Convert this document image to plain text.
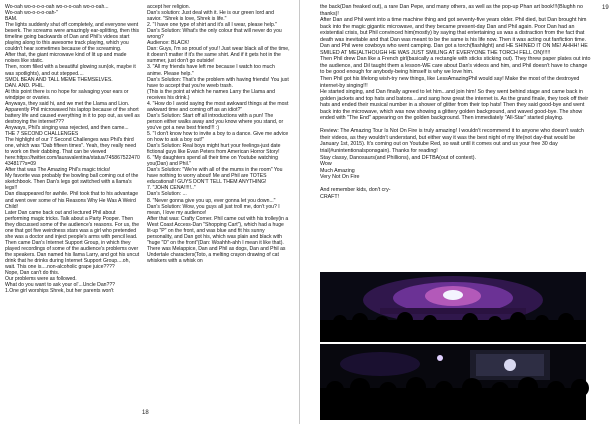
Wo-oah wo-o-o-o-oah wo-o-o-oah wo-o-oah...
Wo-oah wo-o-o-o-oah-"
BAM.
The lights suddenly shut off completely, and everyone went beserk. The screams were amazingly ear-splitting, then this timeline going backwards of Dan and Phil's videos start playing along to this awesome track playing, which you couldn't hear sometimes because of the screaming.
After that, the giant microwave kind of lit up and made noises like static.
Then, room filled with a beautiful glowing sun(ok, maybe it was spotlights), and out stepped....
SMOL BEAN AND TALL MEME THEMSELVES.
DAN. AND. PHIL.
At this point there is no hope for salvaging your ears or windpipe or ovaries.
Anyways, they said hi, and we met the Llama and Lion. Apparently Phil microwaved his laptop because of the short battery life and caused everything in it to pop out, as well as destroying the internet???
Anyways, Phil's singing was rejected, and then came...
THE 7 SECOND CHALLENGES
The highlight of our 7 Second Challenges was Phil's third one, which was "Dab fifteen times". Yeah, they really need to work on their dabbing. That can be viewed here:https://twitter.com/lauravalentina/status/745867522470434817?s=09
After that was The Amazing Phil's magic tricks!
My favorite was probably the bowling ball coming out of the sketchbook. Then Dan's legs got switched with a llama's legs!!
Dan disappeared for awhile. Phil took that to his advantage and went over some of his Reasons Why He Was A Weird Child!
Later Dan came back out and lectured Phil about performing magic tricks. Talk about a Party Pooper. Then they discussed some of the audience's reasons. For us, the one that got five weirdness stars was a girl who pretended she was a doctor and inject people's arms with pencil lead.
Then came Dan's Internet Support Group, in which they played recordings of some of the audience's problems over the speakers. Dan named his llama Larry, and got his uncut drink that he drinks during Internet Support Group....oh, wait. This one is....non-alcoholic grape juice????
Nope, Dan can't do this.
Our problems were as followed.
What do you want to ask your ol'...Uncle Dan???
1.One girl worships Shrek, but her parents won't
accept her religion.
Dan's solution: Just deal with it. He is our green lord and savior. "Shrek is love, Shrek is life."
2. "I have one type of shirt and it's all I wear, please help."
Dan's Solution: What's the only colour that will never do you wrong?
Audience: BLACK!
Dan: Guys, I'm so proud of you!! Just wear black all of the time, it doesn't matter if it's the same shirt. And if it gets hot in the summer, just don't go outside!
3. "All my friends have left me because I watch too much anime. Please help."
Dan's Solution: That's the problem with having friends! You just have to accept that you're weeb trash.
(This is the point at which he names Larry the Llama and receives his drink.)
4. "How do I avoid saying the most awkward things at the most awkward time and coming off as an idiot?"
Dan's Solution: Start off all introductions with a pun! The person either walks away and you know where you stand, or you've got a new best friend!!! :)
5. "I don't know how to invite a boy to a dance. Give me advice on how to ask a boy out!"
Dan's Solution: Real boys might hurt your feelings-just date fictional guys like Evan Peters from American Horror Story!
6. "My daughters spend all their time on Youtube watching you(Dan) and Phil."
Dan's Solution: "We're with all of the mums in the room" You have nothing to worry about! Me and Phil are TOTES educational!! GUYS DON'T TELL THEM ANYTHING!
7. "JOHN CENA!!!!!.."
Dan's Solution: ...
8. "Never gonna give you up, ever gonna let you down..."
Dan's Solution: Wow, you guys all just troll me, don't you? I mean, I love my audience!
After that was: Crafty Corner. Phil came out with his trolley(in a West Coast Access-Dan "Shopping Cart"), which had a huge lit-up "P" on the front, and was blue and fit his sunny personality, and Dan got his, which was plain and black with "huge "D" on the front"(Dan: Woahhh-ahh I mean it like that).
There was Melappice, Dan and Phil as dogs, Dan and Phil as Undertale characters(Toto, a melting crayon drawing of cat whiskers with a whisk on
18
19
the back(Dan freaked out), a rare Dan Pepe, and many others, as well as the pop-up Phan art book!!!(Blughh no thanks)!
After Dan and Phil went into a time machine thing and got seventy-five years older. Phil died, but Dan brought him back into the magic gigantic microwave, and they became present-day Dan and Phil again. Poor Dan had an existential crisis, but Phil convinced him(mostly) by saying that entertaining us was a distraction from the fact that death was inevitable and that Dan was meant to be the same is his life now. Then it was acting out fanfiction time.
Dan and Phil were cowboys who went camping. Dan got a torch(flashlight) and HE SHINED IT ON ME! AHHH! HE SMILED AT ME(ALTHOUGH HE WAS JUST SMILING AT EVERYONE THE TORCH FELL ON)!!!!!
Then Phil drew Dan like a French girl(basically a rectangle with sticks sticking out). They threw paper plates out into the audience, and Dil taught them a lesson-WE care about Dan's videos and him, and Phil doesn't have to change to be good enough for anybody-being himself is why we love him.
Then Phil got his lifelong wish-try new things, like LessAmazingPhil would say! Make the most of the destroyed internet-by singing!!!
He started singing, and Dan finally agreed to let him...and join him! So they went behind stage and came back in golden jackets and top hats and batons....and sang how great the internet is. As the grand finale, they took off their hats and ended their musical number in a shower of glitter from their top hats! Then they said good-bye and went back into the microwave, which was now showing a glittery golden background, and waved good-bye. The show ended with "The End" appearing on the golden background. Then immediately "All-Star" started playing.

Review: The Amazing Tour Is Not On Fire is truly amazing! I wouldn't recommend it to anyone who doesn't watch their videos, as they wouldn't understand, but either way it was the best night of my life(not day-that would be January 1st, 2015). It's coming out on Youtube Red, so wait until it comes out and us your free 30 day trial(#unintentionalsponsgain). Thanks for reading!
Stay classy, Danosaurs(and Phillions), and DFTBA(out of context).
Wow
Much Amazing
Very Not On Fire

And remember kids, don't cry-
CRAFT!
